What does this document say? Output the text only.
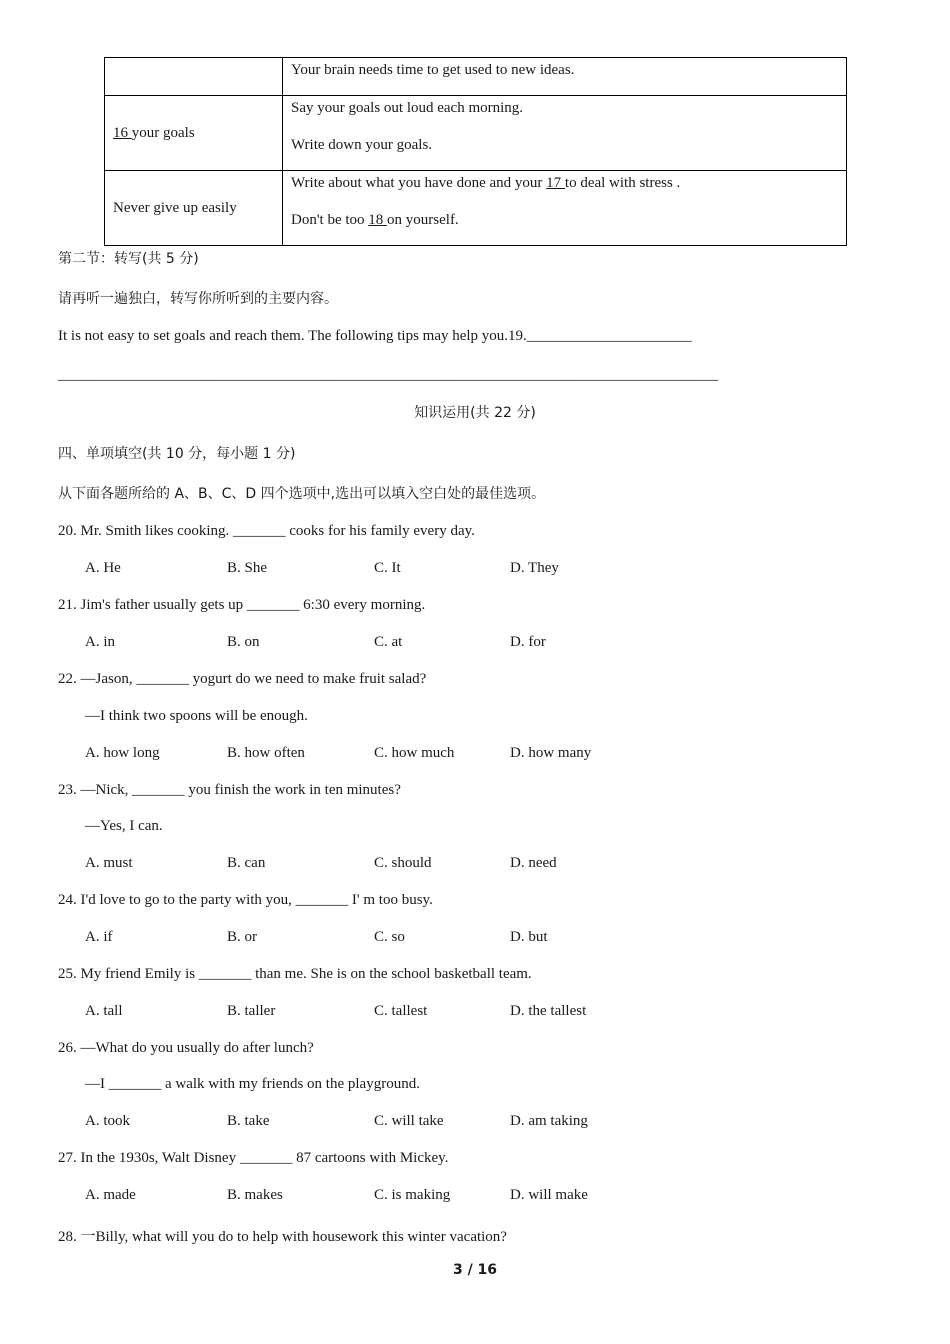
	Your brain needs time to get used to new ideas.

16 your goals	Say your goals out loud each morning.
Write down your goals.

Never give up easily	Write about what you have done and your 17 to deal with stress .
Don't be too 18 on yourself.
第二节：转写(共 5 分)
请再听一遍独白，转写你所听到的主要内容。
It is not easy to set goals and reach them. The following tips may help you.19.______________________
________________________________________________________________________________________
知识运用(共 22 分)
四、单项填空(共 10 分，每小题 1 分)
从下面各题所给的 A、B、C、D 四个选项中,选出可以填入空白处的最佳选项。
20. Mr. Smith likes cooking. _______ cooks for his family every day.
A. He	B. She	C. It	D. They
21. Jim's father usually gets up _______ 6:30 every morning.
A. in	B. on	C. at	D. for
22. —Jason, _______ yogurt do we need to make fruit salad?
—I think two spoons will be enough.
A. how long	B. how often	C. how much	D. how many
23. —Nick, _______ you finish the work in ten minutes?
—Yes, I can.
A. must	B. can	C. should	D. need
24. I'd love to go to the party with you, _______ I' m too busy.
A. if	B. or	C. so	D. but
25. My friend Emily is _______ than me. She is on the school basketball team.
A. tall	B. taller	C. tallest	D. the tallest
26. —What do you usually do after lunch?
—I _______ a walk with my friends on the playground.
A. took	B. take	C. will take	D. am taking
27. In the 1930s, Walt Disney _______ 87 cartoons with Mickey.
A. made	B. makes	C. is making	D. will make
28. 一Billy, what will you do to help with housework this winter vacation?
3 / 16
